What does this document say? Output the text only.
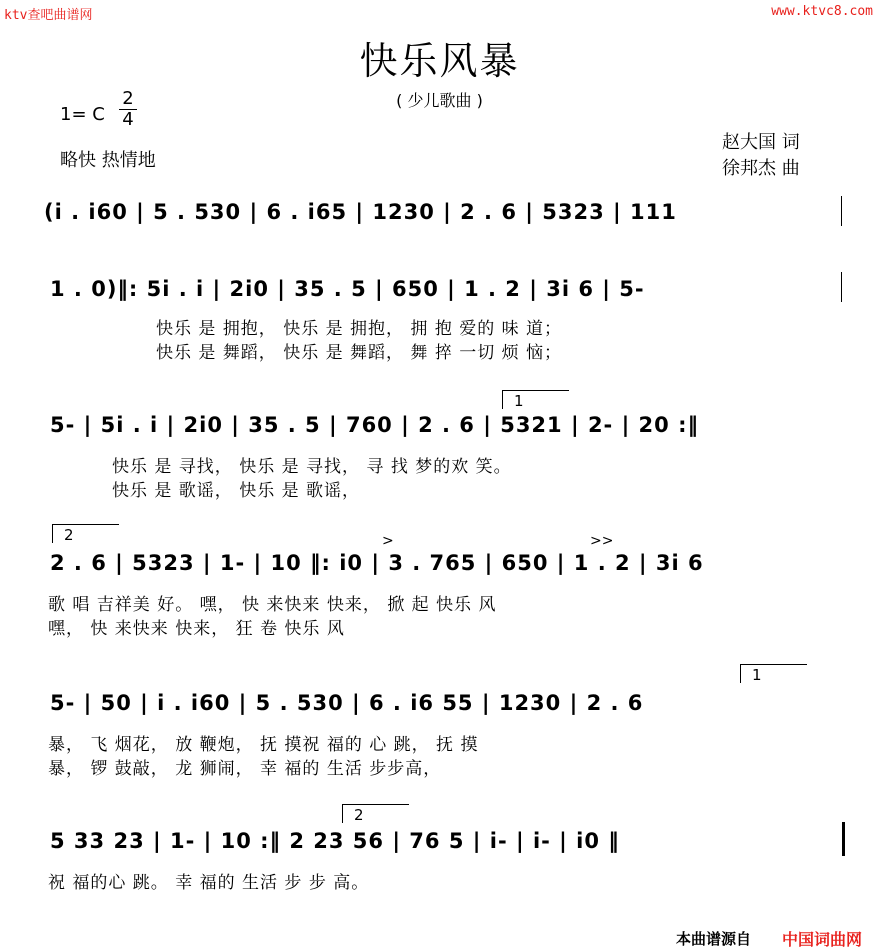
ktv查吧曲谱网	www.ktvc8.com
快乐风暴
( 少儿歌曲 )
1= C
2
4
略快 热情地
赵大国 词
徐邦杰 曲
(i . i60 | 5 . 530 | 6 . i65 | 1230 | 2 . 6 | 5323 | 111
1 . 0)‖: 5i . i | 2i0 | 35 . 5 | 650 | 1 . 2 | 3i 6 | 5-
快乐 是 拥抱， 快乐 是 拥抱， 拥 抱 爱的 味 道；
快乐 是 舞蹈， 快乐 是 舞蹈， 舞 捽 一切 烦 恼；
1
5- | 5i . i | 2i0 | 35 . 5 | 760 | 2 . 6 | 5321 | 2- | 20 :‖
快乐 是 寻找， 快乐 是 寻找， 寻 找 梦的欢 笑。
快乐 是 歌谣， 快乐 是 歌谣，
2	>	>>
2 . 6 | 5323 | 1- | 10 ‖: i0 | 3 . 765 | 650 | 1 . 2 | 3i 6
歌 唱 吉祥美 好。 嘿， 快 来快来 快来， 掀 起 快乐 风
嘿， 快 来快来 快来， 狂 卷 快乐 风
1
5- | 50 | i . i60 | 5 . 530 | 6 . i6 55 | 1230 | 2 . 6
暴， 飞 烟花， 放 鞭炮， 抚 摸祝 福的 心 跳， 抚 摸
暴， 锣 鼓敲， 龙 狮闹， 幸 福的 生活 步步高，
2
5 33 23 | 1- | 10 :‖ 2 23 56 | 76 5 | i- | i- | i0 ‖
祝 福的心 跳。 幸 福的 生活 步 步 高。
本曲谱源自 中国词曲网
